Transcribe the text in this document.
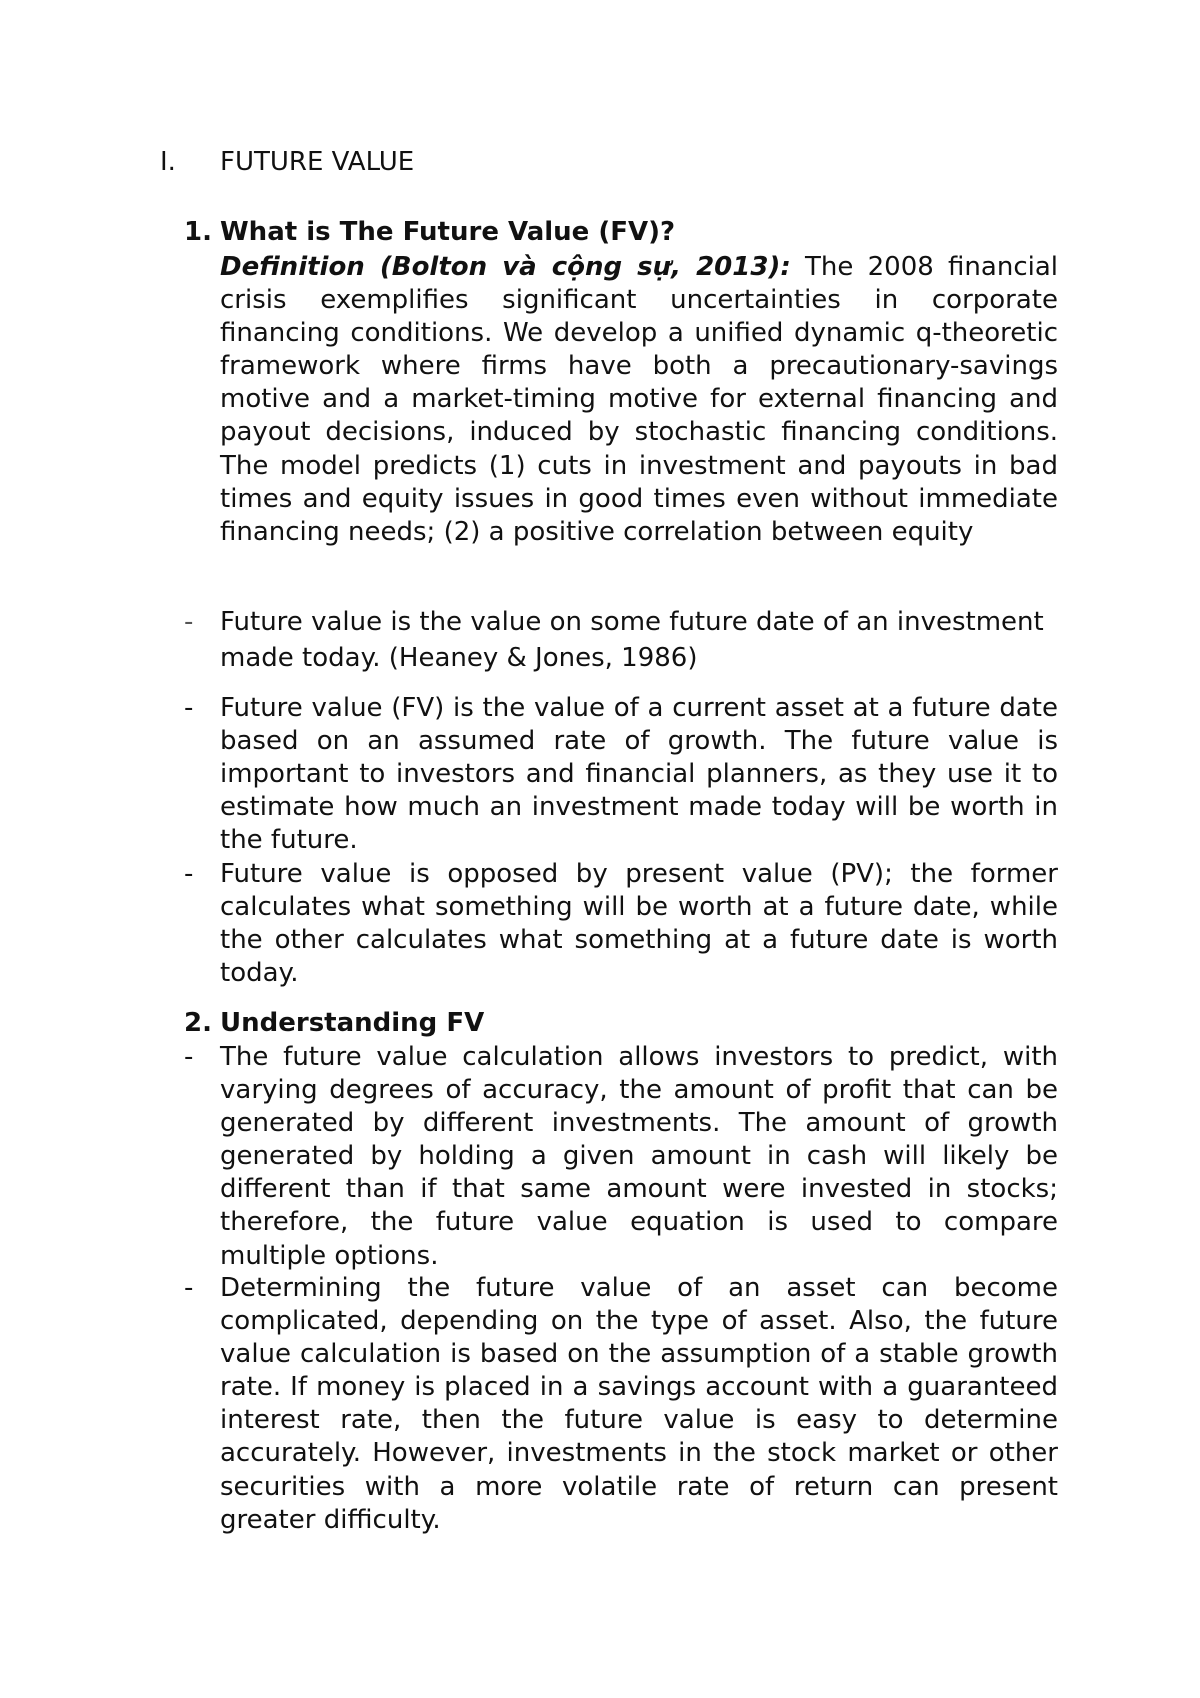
I.	FUTURE VALUE
1. What is The Future Value (FV)?

Definition (Bolton và cộng sự, 2013): The 2008 financial crisis exemplifies significant uncertainties in corporate financing conditions. We develop a unified dynamic q-theoretic framework where firms have both a precautionary-savings motive and a market-timing motive for external financing and payout decisions, induced by stochastic financing conditions. The model predicts (1) cuts in investment and payouts in bad times and equity issues in good times even without immediate financing needs; (2) a positive correlation between equity

-	Future value is the value on some future date of an investment made today. (Heaney & Jones, 1986)
-	Future value (FV) is the value of a current asset at a future date based on an assumed rate of growth. The future value is important to investors and financial planners, as they use it to estimate how much an investment made today will be worth in the future.
-	Future value is opposed by present value (PV); the former calculates what something will be worth at a future date, while the other calculates what something at a future date is worth today.
2. Understanding FV
-	The future value calculation allows investors to predict, with varying degrees of accuracy, the amount of profit that can be generated by different investments. The amount of growth generated by holding a given amount in cash will likely be different than if that same amount were invested in stocks; therefore, the future value equation is used to compare multiple options.
-	Determining the future value of an asset can become complicated, depending on the type of asset. Also, the future value calculation is based on the assumption of a stable growth rate. If money is placed in a savings account with a guaranteed interest rate, then the future value is easy to determine accurately. However, investments in the stock market or other securities with a more volatile rate of return can present greater difficulty.
